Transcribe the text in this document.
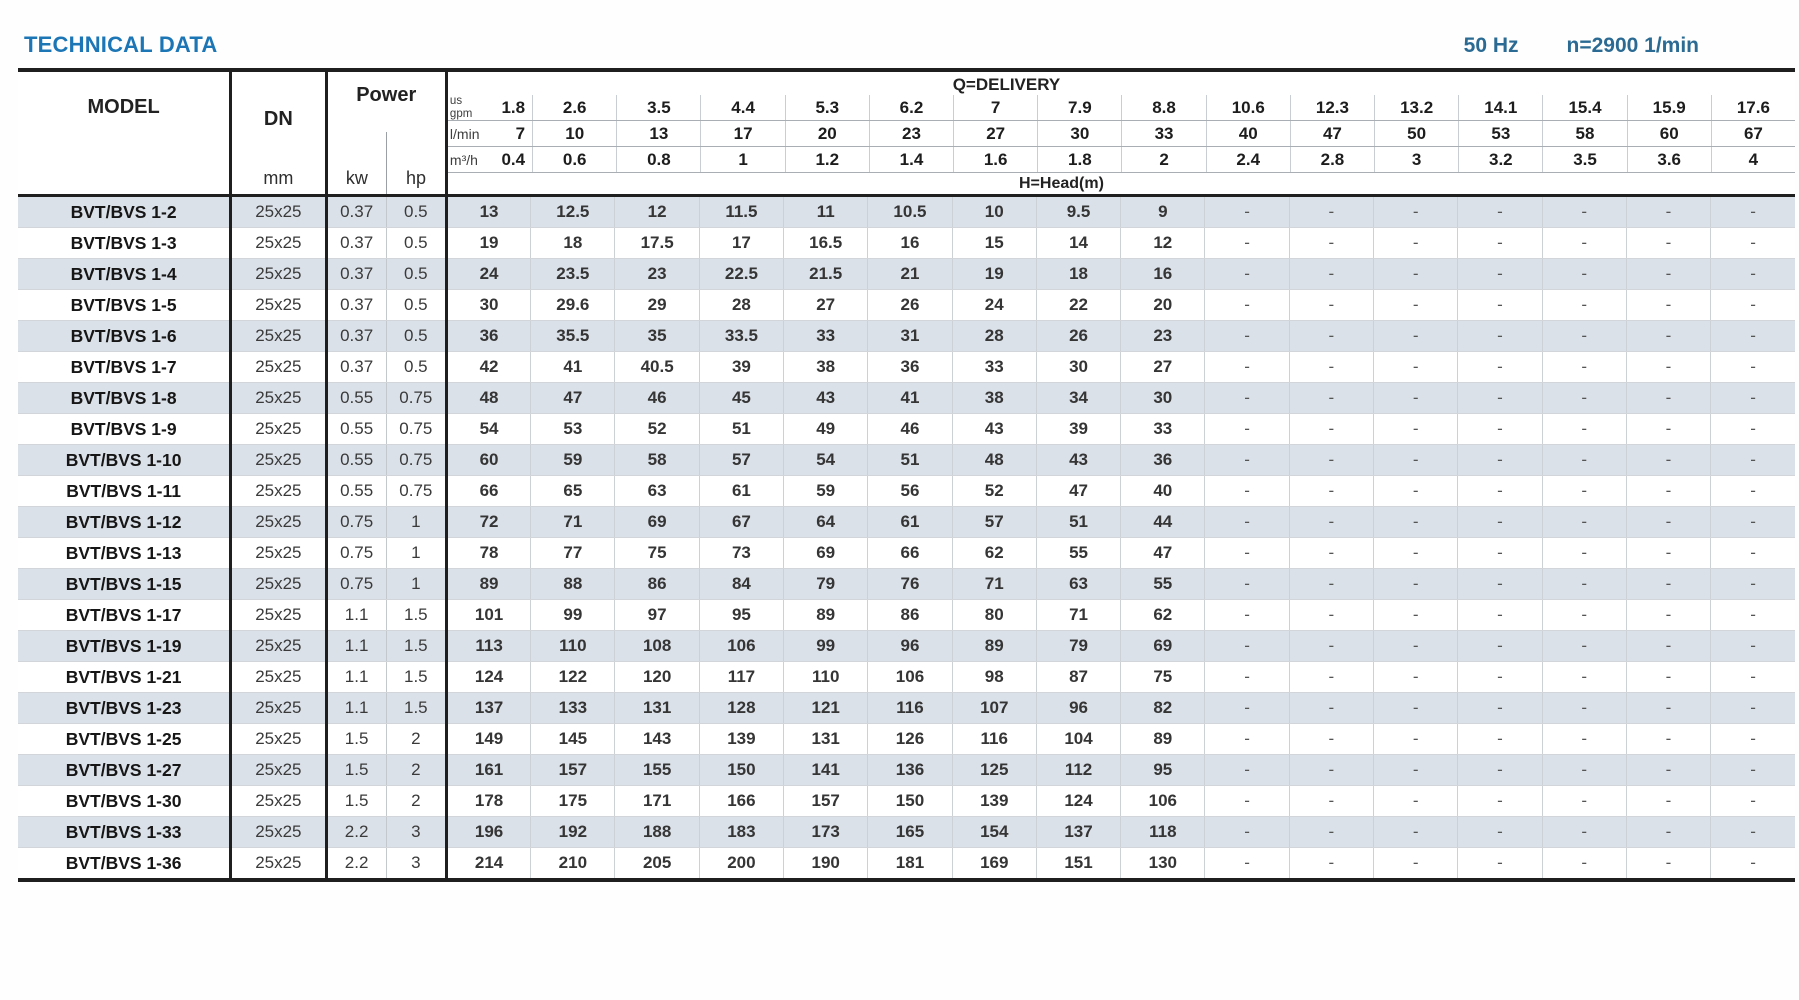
TECHNICAL DATA	50 Hz n=2900 1/min
MODEL

DN
mm

Power
kw	hp

Q=DELIVERY
us
gpm 1.8 2.6	3.5	4.4	5.3	6.2	7	7.9	8.8	10.6	12.3	13.2	14.1	15.4	15.9	17.6
l/min 7 10	13	17	20	23	27	30	33	40	47	50	53	58	60	67
m³/h 0.4 0.6	0.8	1	1.2	1.4	1.6	1.8	2	2.4	2.8	3	3.2	3.5	3.6	4
H=Head(m)

BVT/BVS 1-2	25x25	0.37	0.5	13	12.5	12	11.5	11	10.5	10	9.5	9	-	-	-	-	-	-	-
BVT/BVS 1-3	25x25	0.37	0.5	19	18	17.5	17	16.5	16	15	14	12	-	-	-	-	-	-	-
BVT/BVS 1-4	25x25	0.37	0.5	24	23.5	23	22.5	21.5	21	19	18	16	-	-	-	-	-	-	-
BVT/BVS 1-5	25x25	0.37	0.5	30	29.6	29	28	27	26	24	22	20	-	-	-	-	-	-	-
BVT/BVS 1-6	25x25	0.37	0.5	36	35.5	35	33.5	33	31	28	26	23	-	-	-	-	-	-	-
BVT/BVS 1-7	25x25	0.37	0.5	42	41	40.5	39	38	36	33	30	27	-	-	-	-	-	-	-
BVT/BVS 1-8	25x25	0.55	0.75	48	47	46	45	43	41	38	34	30	-	-	-	-	-	-	-
BVT/BVS 1-9	25x25	0.55	0.75	54	53	52	51	49	46	43	39	33	-	-	-	-	-	-	-
BVT/BVS 1-10	25x25	0.55	0.75	60	59	58	57	54	51	48	43	36	-	-	-	-	-	-	-
BVT/BVS 1-11	25x25	0.55	0.75	66	65	63	61	59	56	52	47	40	-	-	-	-	-	-	-
BVT/BVS 1-12	25x25	0.75	1	72	71	69	67	64	61	57	51	44	-	-	-	-	-	-	-
BVT/BVS 1-13	25x25	0.75	1	78	77	75	73	69	66	62	55	47	-	-	-	-	-	-	-
BVT/BVS 1-15	25x25	0.75	1	89	88	86	84	79	76	71	63	55	-	-	-	-	-	-	-
BVT/BVS 1-17	25x25	1.1	1.5	101	99	97	95	89	86	80	71	62	-	-	-	-	-	-	-
BVT/BVS 1-19	25x25	1.1	1.5	113	110	108	106	99	96	89	79	69	-	-	-	-	-	-	-
BVT/BVS 1-21	25x25	1.1	1.5	124	122	120	117	110	106	98	87	75	-	-	-	-	-	-	-
BVT/BVS 1-23	25x25	1.1	1.5	137	133	131	128	121	116	107	96	82	-	-	-	-	-	-	-
BVT/BVS 1-25	25x25	1.5	2	149	145	143	139	131	126	116	104	89	-	-	-	-	-	-	-
BVT/BVS 1-27	25x25	1.5	2	161	157	155	150	141	136	125	112	95	-	-	-	-	-	-	-
BVT/BVS 1-30	25x25	1.5	2	178	175	171	166	157	150	139	124	106	-	-	-	-	-	-	-
BVT/BVS 1-33	25x25	2.2	3	196	192	188	183	173	165	154	137	118	-	-	-	-	-	-	-
BVT/BVS 1-36	25x25	2.2	3	214	210	205	200	190	181	169	151	130	-	-	-	-	-	-	-
